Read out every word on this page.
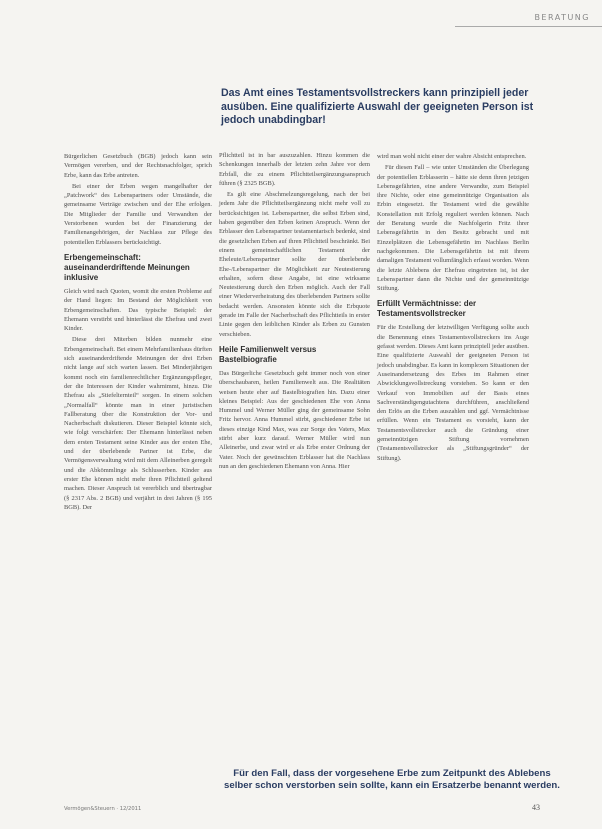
BERATUNG
Das Amt eines Testamentsvollstreckers kann prinzipiell jeder ausüben. Eine qualifizierte Auswahl der geeigneten Person ist jedoch unabdingbar!

Bürgerlichen Gesetzbuch (BGB) jedoch kann sein Vermögen vererben, und der Rechtsnachfolger, sprich Erbe, kann das Erbe antreten.

Bei einer der Erben wegen mangelhafter der „Patchwork“ des Lebenspartners oder Umstände, die gemeinsame Verträge zwischen und der Ehe erfolgen. Die Mitglieder der Familie und Verwandten der Verstorbenen wurden bei der Finanzierung der Familienangehörigen, der Nachlass zur Pflege des potentiellen Erblassers berücksichtigt.

Erbengemeinschaft: auseinanderdriftende Meinungen inklusive

Gleich wird nach Quoten, womit die ersten Probleme auf der Hand liegen: Im Bestand der Möglichkeit von Erbengemeinschaften. Das typische Beispiel: der Ehemann verstirbt und hinterlässt die Ehefrau und zwei Kinder.

Diese drei Miterben bilden nunmehr eine Erbengemeinschaft. Bei einem Mehrfamilienhaus dürften sich auseinanderdriftende Meinungen der drei Erben nicht lange auf sich warten lassen. Bei Minderjährigen kommt noch ein familienrechtlicher Ergänzungspfleger, der die Interessen der Kinder wahrnimmt, hinzu. Die Ehefrau als „Stiefelternteil“ sorgen. In einem solchen „Normalfall“ könnte man in einer juristischen Fallberatung über die Konstruktion der Vor- und Nacherbschaft diskutieren. Dieser Beispiel könnte sich, wie folgt verschärfen: Der Ehemann hinterlässt neben dem ersten Testament seine Kinder aus der ersten Ehe, und der überlebende Partner ist Erbe, die Vermögensverwaltung wird mit dem Alleinerben geregelt und die Abkömmlinge als Schlusserben. Kinder aus erster Ehe können nicht mehr ihren Pflichtteil geltend machen. Dieser Anspruch ist vererblich und übertragbar (§ 2317 Abs. 2 BGB) und verjährt in drei Jahren (§ 195 BGB). Der

Pflichtteil ist in bar auszuzahlen. Hinzu kommen die Schenkungen innerhalb der letzten zehn Jahre vor dem Erbfall, die zu einem Pflichtteilsergänzungsanspruch führen (§ 2325 BGB).

Es gilt eine Abschmelzungsregelung, nach der bei jedem Jahr die Pflichtteilsergänzung nicht mehr voll zu berücksichtigen ist. Lebenspartner, die selbst Erben sind, haben gegenüber den Erben keinen Anspruch. Wenn der Erblasser den Lebenspartner testamentarisch bedenkt, sind die gesetzlichen Erben auf ihren Pflichtteil beschränkt. Bei einem gemeinschaftlichen Testament der Eheleute/Lebenspartner sollte der überlebende Ehe-/Lebenspartner die Möglichkeit zur Neutestierung erhalten, sofern diese Angabe, ist eine wirksame Neutestierung durch den Erben möglich. Auch der Fall einer Wiederverheiratung des überlebenden Partners sollte bedacht werden. Ansonsten könnte sich die Erbquote gerade im Falle der Nacherbschaft des Pflichtteils in erster Linie gegen den leiblichen Kinder als Erben zu Gunsten verschieben.

Heile Familienwelt versus Bastelbiografie

Das Bürgerliche Gesetzbuch geht immer noch von einer überschaubaren, heilen Familienwelt aus. Die Realitäten weisen heute eher auf Bastelbiografien hin. Dazu einer kleines Beispiel: Aus der geschiedenen Ehe von Anna Hummel und Werner Müller ging der gemeinsame Sohn Fritz hervor. Anna Hummel stirbt, geschiedener Erbe ist dieses einzige Kind Max, was zur Sorge des Vaters, Max stirbt aber kurz darauf. Werner Müller wird nun Alleinerbe, und zwar wird er als Erbe erster Ordnung der Vater. Noch der gewünschten Erblasser hat die Nachlass nun an den geschiedenen Ehemann von Anna. Hier

wird man wohl nicht einer der wahre Absicht entsprechen.

Für diesen Fall – wie unter Umständen die Überlegung der potentiellen Erblasserin – hätte sie denn ihren jetzigen Lebensgefährten, eine andere Verwandte, zum Beispiel ihre Nichte, oder eine gemeinnützige Organisation als Erbin eingesetzt. Ihr Testament wird die gewählte Konstellation mit Erfolg reguliert werden können. Nach der Beratung wurde die Nachfolgerin Fritz ihrer Lebensgefährtin in den Besitz gebracht und mit Einzelplätzen die Lebensgefährtin im Nachlass Berlin nachgekommen. Die Lebensgefährtin ist mit ihrem damaligen Testament vollumfänglich erfasst worden. Wenn die letzte Ablebens der Ehefrau eingetreten ist, ist der Lebenspartner dann die Nichte und der gemeinnützige Stiftung.

Erfüllt Vermächtnisse: der Testamentsvollstrecker

Für die Erstellung der letztwilligen Verfügung sollte auch die Benennung eines Testamentsvollstreckers ins Auge gefasst werden. Dieses Amt kann prinzipiell jeder ausüben. Eine qualifizierte Auswahl der geeigneten Person ist jedoch unabdingbar. Es kann in komplexen Situationen der Auseinandersetzung des Erbes im Rahmen einer Abwicklungsvollstreckung vorstehen. So kann er den Verkauf von Immobilien auf der Basis eines Sachverständigengutachtens durchführen, anschließend den Erlös an die Erben auszahlen und ggf. Vermächtnisse erfüllen. Wenn ein Testament es vorsieht, kann der Testamentsvollstrecker auch die Gründung einer gemeinnützigen Stiftung vornehmen (Testamentsvollstrecker als „Stiftungsgründer“ der Stiftung).

Für den Fall, dass der vorgesehene Erbe zum Zeitpunkt des Ablebens selber schon verstorben sein sollte, kann ein Ersatzerbe benannt werden.
Vermögen&Steuern · 12/2011	43
